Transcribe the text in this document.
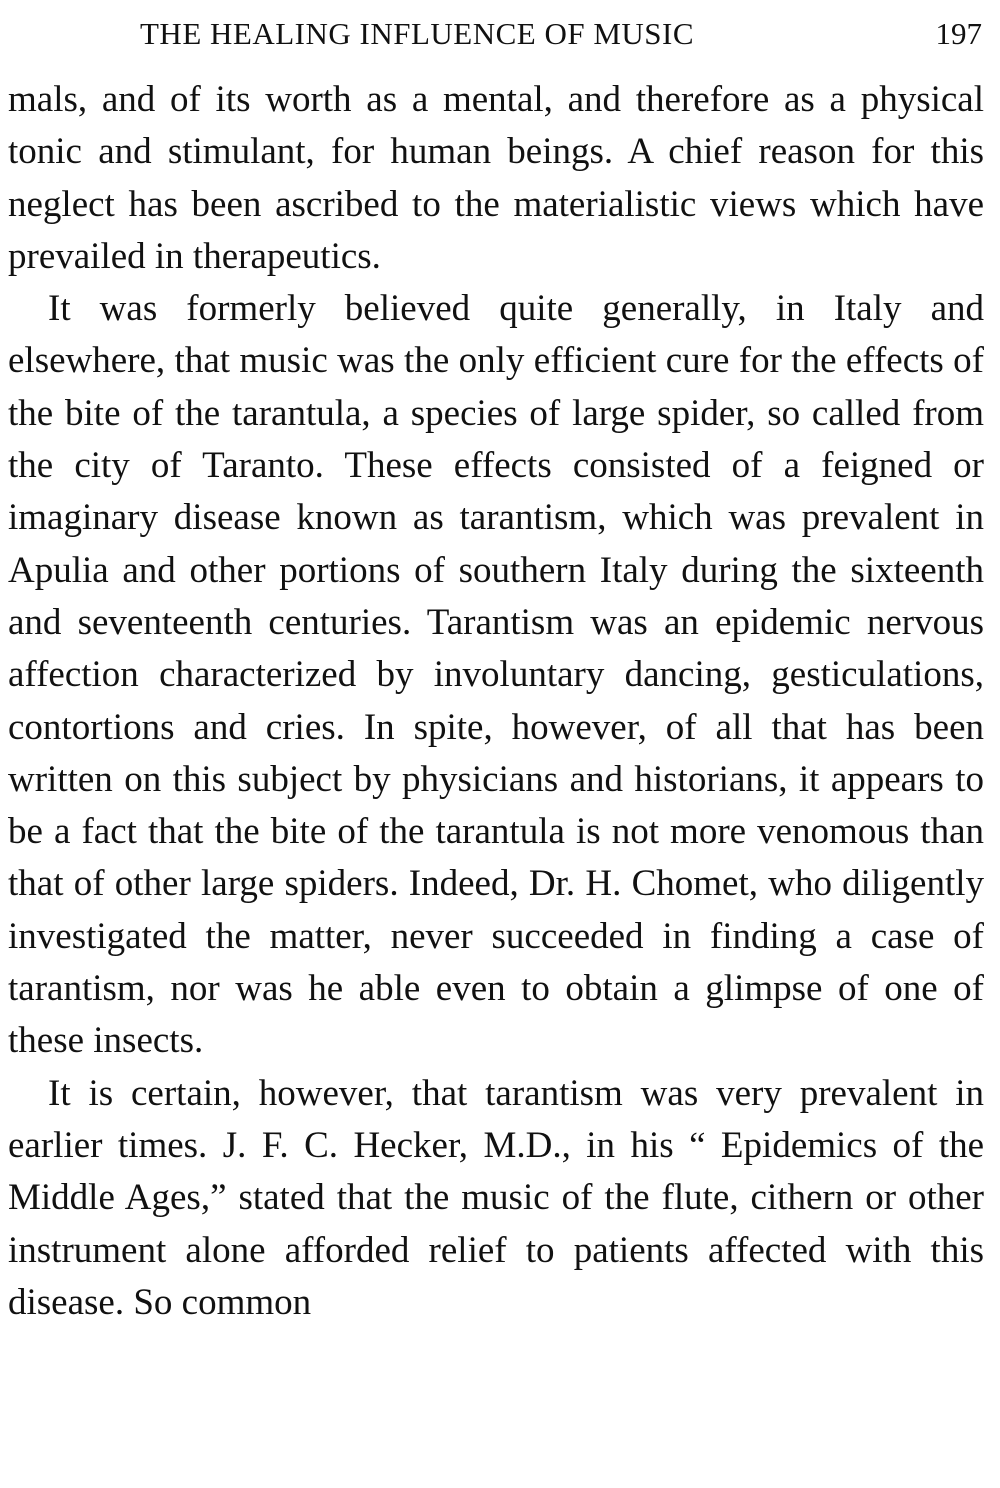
THE HEALING INFLUENCE OF MUSIC	197

mals, and of its worth as a mental, and therefore as a physical tonic and stimulant, for human beings. A chief reason for this neglect has been ascribed to the materialistic views which have prevailed in therapeutics.

It was formerly believed quite generally, in Italy and elsewhere, that music was the only efficient cure for the effects of the bite of the tarantula, a species of large spider, so called from the city of Taranto. These effects consisted of a feigned or imaginary disease known as tarantism, which was prevalent in Apulia and other portions of southern Italy during the sixteenth and seventeenth centuries. Tarantism was an epidemic nervous affection characterized by involuntary dancing, gesticulations, contortions and cries. In spite, however, of all that has been written on this subject by physicians and historians, it appears to be a fact that the bite of the tarantula is not more venomous than that of other large spiders. Indeed, Dr. H. Chomet, who diligently investigated the matter, never succeeded in finding a case of tarantism, nor was he able even to obtain a glimpse of one of these insects.

It is certain, however, that tarantism was very prevalent in earlier times. J. F. C. Hecker, M.D., in his “ Epidemics of the Middle Ages,” stated that the music of the flute, cithern or other instrument alone afforded relief to patients affected with this disease. So common
